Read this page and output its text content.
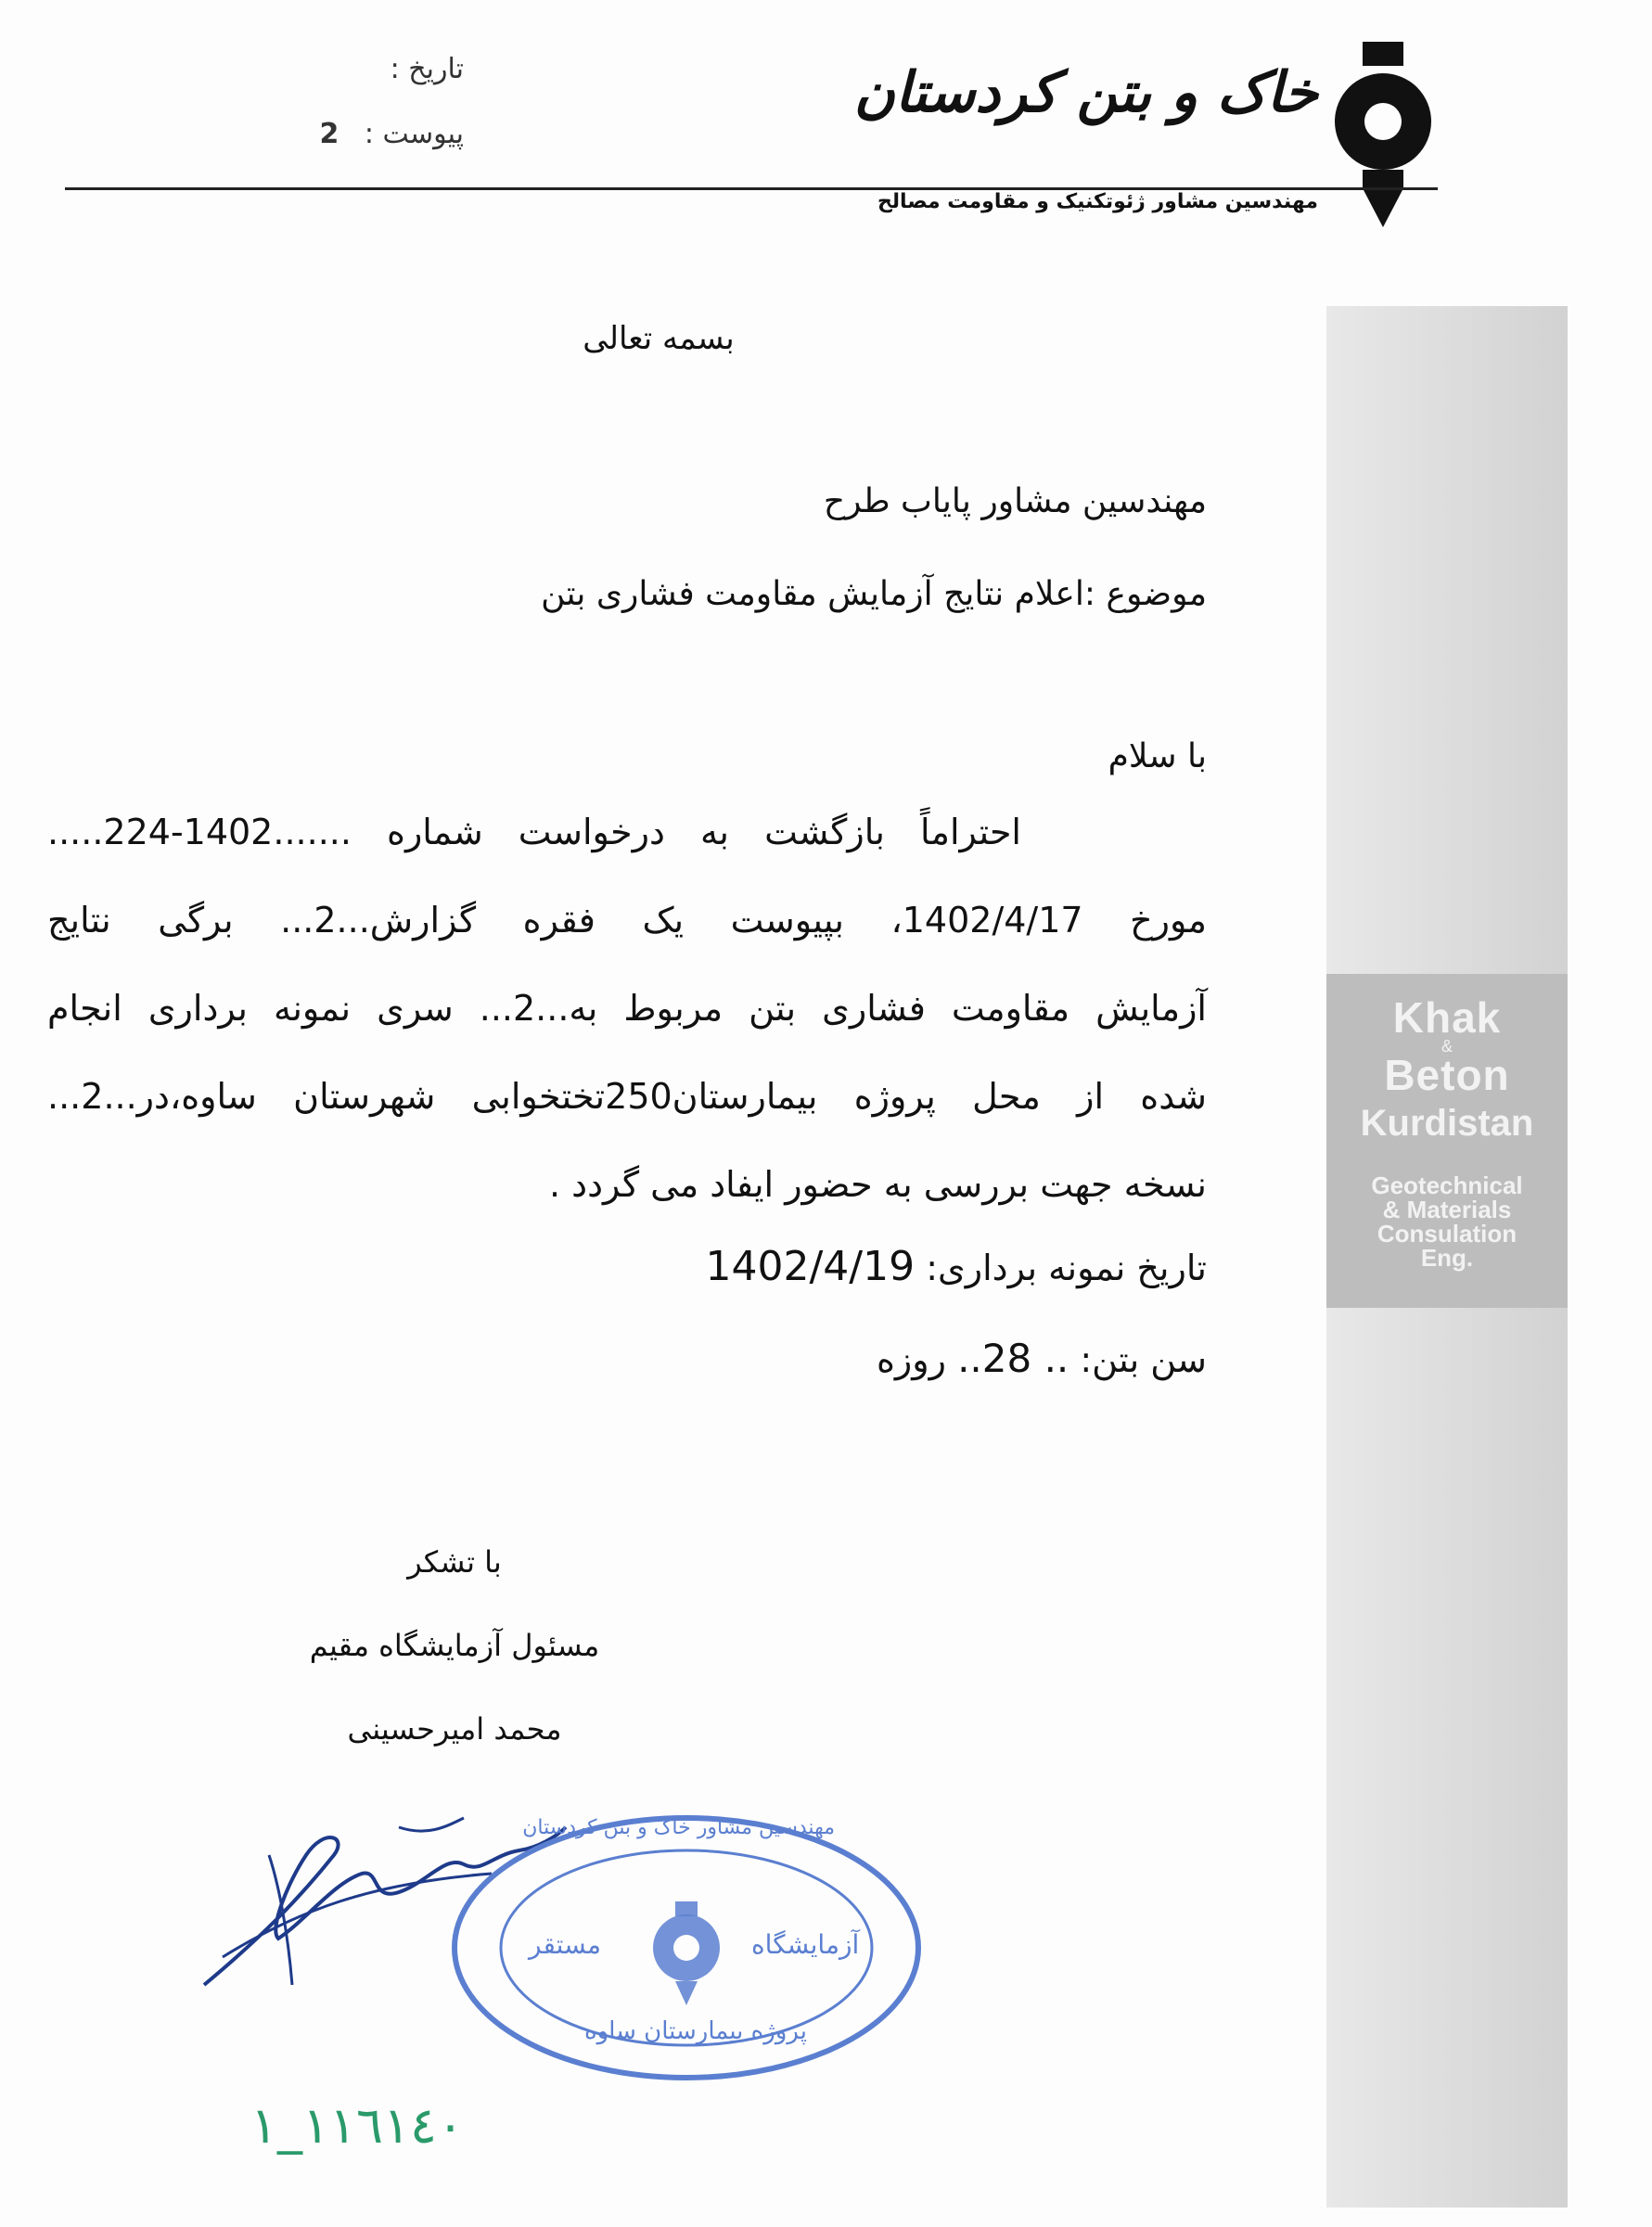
تاریخ :
پیوست : 2
خاک و بتن کردستان
مهندسین مشاور ژئوتکنیک و مقاومت مصالح
Khak
&
Beton
Kurdistan
Geotechnical
& Materials
Consulation
Eng.
بسمه تعالی
مهندسین مشاور پایاب طرح
موضوع :اعلام نتایج آزمایش مقاومت فشاری بتن
با سلام
احتراماً بازگشت به درخواست شماره .......1402-224.....
مورخ 1402/4/17، بپیوست یک فقره گزارش...2... برگی نتایج
آزمایش مقاومت فشاری بتن مربوط به...2... سری نمونه برداری انجام
شده از محل پروژه بیمارستان250تختخوابی شهرستان ساوه،در...2...
نسخه جهت بررسی به حضور ایفاد می گردد .
تاریخ نمونه برداری: 1402/4/19
سن بتن: .. 28.. روزه
با تشکر
مسئول آزمایشگاه مقیم
محمد امیرحسینی
مهندسین مشاور خاک و بتن کردستان
آزمایشگاه
مستقر
پروژه بیمارستان ساوه
١١٦١٤٠_١
